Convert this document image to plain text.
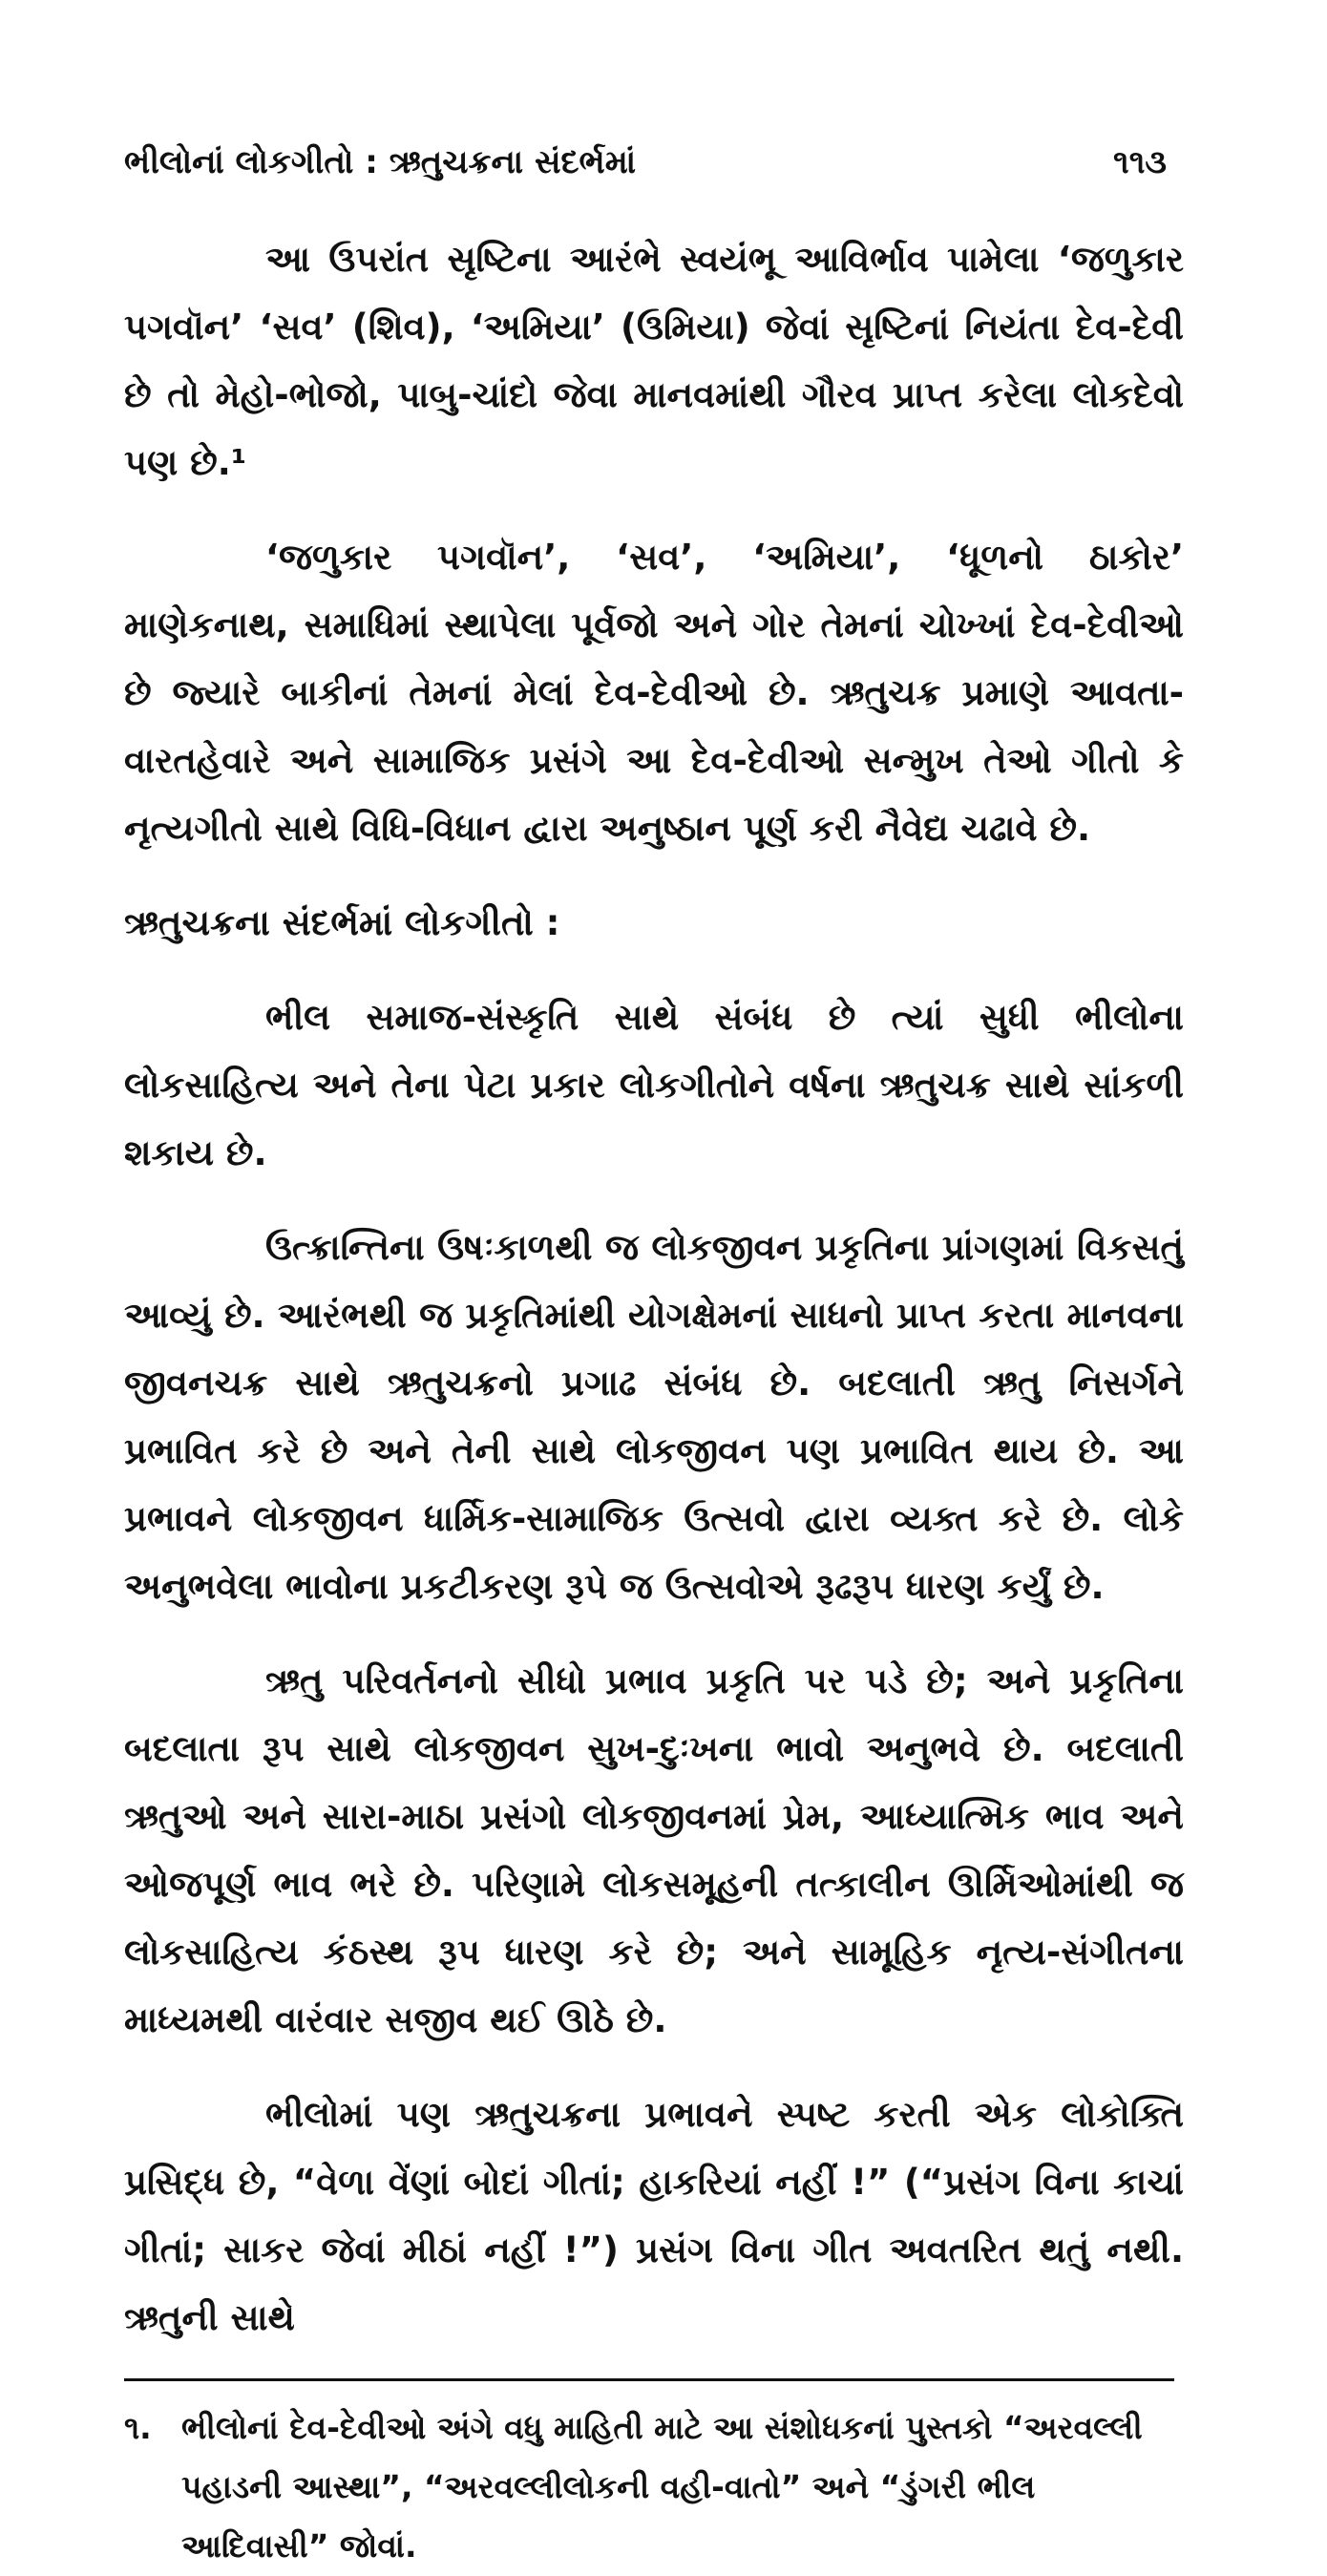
ભીલોનાં લોકગીતો : ઋતુચક્રના સંદર્ભમાં	૧૧૩

આ ઉપરાંત સૃષ્ટિના આરંભે સ્વયંભૂ આવિર્ભાવ પામેલા ‘જળુકાર પગવૉન’ ‘સવ’ (શિવ), ‘અમિયા’ (ઉમિયા) જેવાં સૃષ્ટિનાં નિયંતા દેવ-દેવી છે તો મેહો-ભોજો, પાબુ-ચાંદો જેવા માનવમાંથી ગૌરવ પ્રાપ્ત કરેલા લોકદેવો પણ છે.¹

‘જળુકાર પગવૉન’, ‘સવ’, ‘અમિયા’, ‘ધૂળનો ઠાકોર’ માણેકનાથ, સમાધિમાં સ્થાપેલા પૂર્વજો અને ગોર તેમનાં ચોખ્ખાં દેવ-દેવીઓ છે જ્યારે બાકીનાં તેમનાં મેલાં દેવ-દેવીઓ છે. ઋતુચક્ર પ્રમાણે આવતા-વારતહેવારે અને સામાજિક પ્રસંગે આ દેવ-દેવીઓ સન્મુખ તેઓ ગીતો કે નૃત્યગીતો સાથે વિધિ-વિધાન દ્વારા અનુષ્ઠાન પૂર્ણ કરી નૈવેદ્ય ચઢાવે છે.

ઋતુચક્રના સંદર્ભમાં લોકગીતો :

ભીલ સમાજ-સંસ્કૃતિ સાથે સંબંધ છે ત્યાં સુધી ભીલોના લોકસાહિત્ય અને તેના પેટા પ્રકાર લોકગીતોને વર્ષના ઋતુચક્ર સાથે સાંકળી શકાય છે.

ઉત્ક્રાન્તિના ઉષઃકાળથી જ લોકજીવન પ્રકૃતિના પ્રાંગણમાં વિકસતું આવ્યું છે. આરંભથી જ પ્રકૃતિમાંથી યોગક્ષેમનાં સાધનો પ્રાપ્ત કરતા માનવના જીવનચક્ર સાથે ઋતુચક્રનો પ્રગાઢ સંબંધ છે. બદલાતી ઋતુ નિસર્ગને પ્રભાવિત કરે છે અને તેની સાથે લોકજીવન પણ પ્રભાવિત થાય છે. આ પ્રભાવને લોકજીવન ધાર્મિક-સામાજિક ઉત્સવો દ્વારા વ્યક્ત કરે છે. લોકે અનુભવેલા ભાવોના પ્રકટીકરણ રૂપે જ ઉત્સવોએ રૂઢરૂપ ધારણ કર્યું છે.

ઋતુ પરિવર્તનનો સીધો પ્રભાવ પ્રકૃતિ પર પડે છે; અને પ્રકૃતિના બદલાતા રૂપ સાથે લોકજીવન સુખ-દુઃખના ભાવો અનુભવે છે. બદલાતી ઋતુઓ અને સારા-માઠા પ્રસંગો લોકજીવનમાં પ્રેમ, આધ્યાત્મિક ભાવ અને ઓજપૂર્ણ ભાવ ભરે છે. પરિણામે લોકસમૂહની તત્કાલીન ઊર્મિઓમાંથી જ લોકસાહિત્ય કંઠસ્થ રૂપ ધારણ કરે છે; અને સામૂહિક નૃત્ય-સંગીતના માધ્યમથી વારંવાર સજીવ થઈ ઊઠે છે.

ભીલોમાં પણ ઋતુચક્રના પ્રભાવને સ્પષ્ટ કરતી એક લોકોક્તિ પ્રસિદ્ધ છે, “વેળા વેંણાં બોદાં ગીતાં; હાકરિયાં નહીં !” (“પ્રસંગ વિના કાચાં ગીતાં; સાકર જેવાં મીઠાં નહીં !”) પ્રસંગ વિના ગીત અવતરિત થતું નથી. ઋતુની સાથે

૧. ભીલોનાં દેવ-દેવીઓ અંગે વધુ માહિતી માટે આ સંશોધકનાં પુસ્તકો “અરવલ્લી પહાડની આસ્થા”, “અરવલ્લીલોકની વહી-વાતો” અને “ડુંગરી ભીલ આદિવાસી” જોવાં.
